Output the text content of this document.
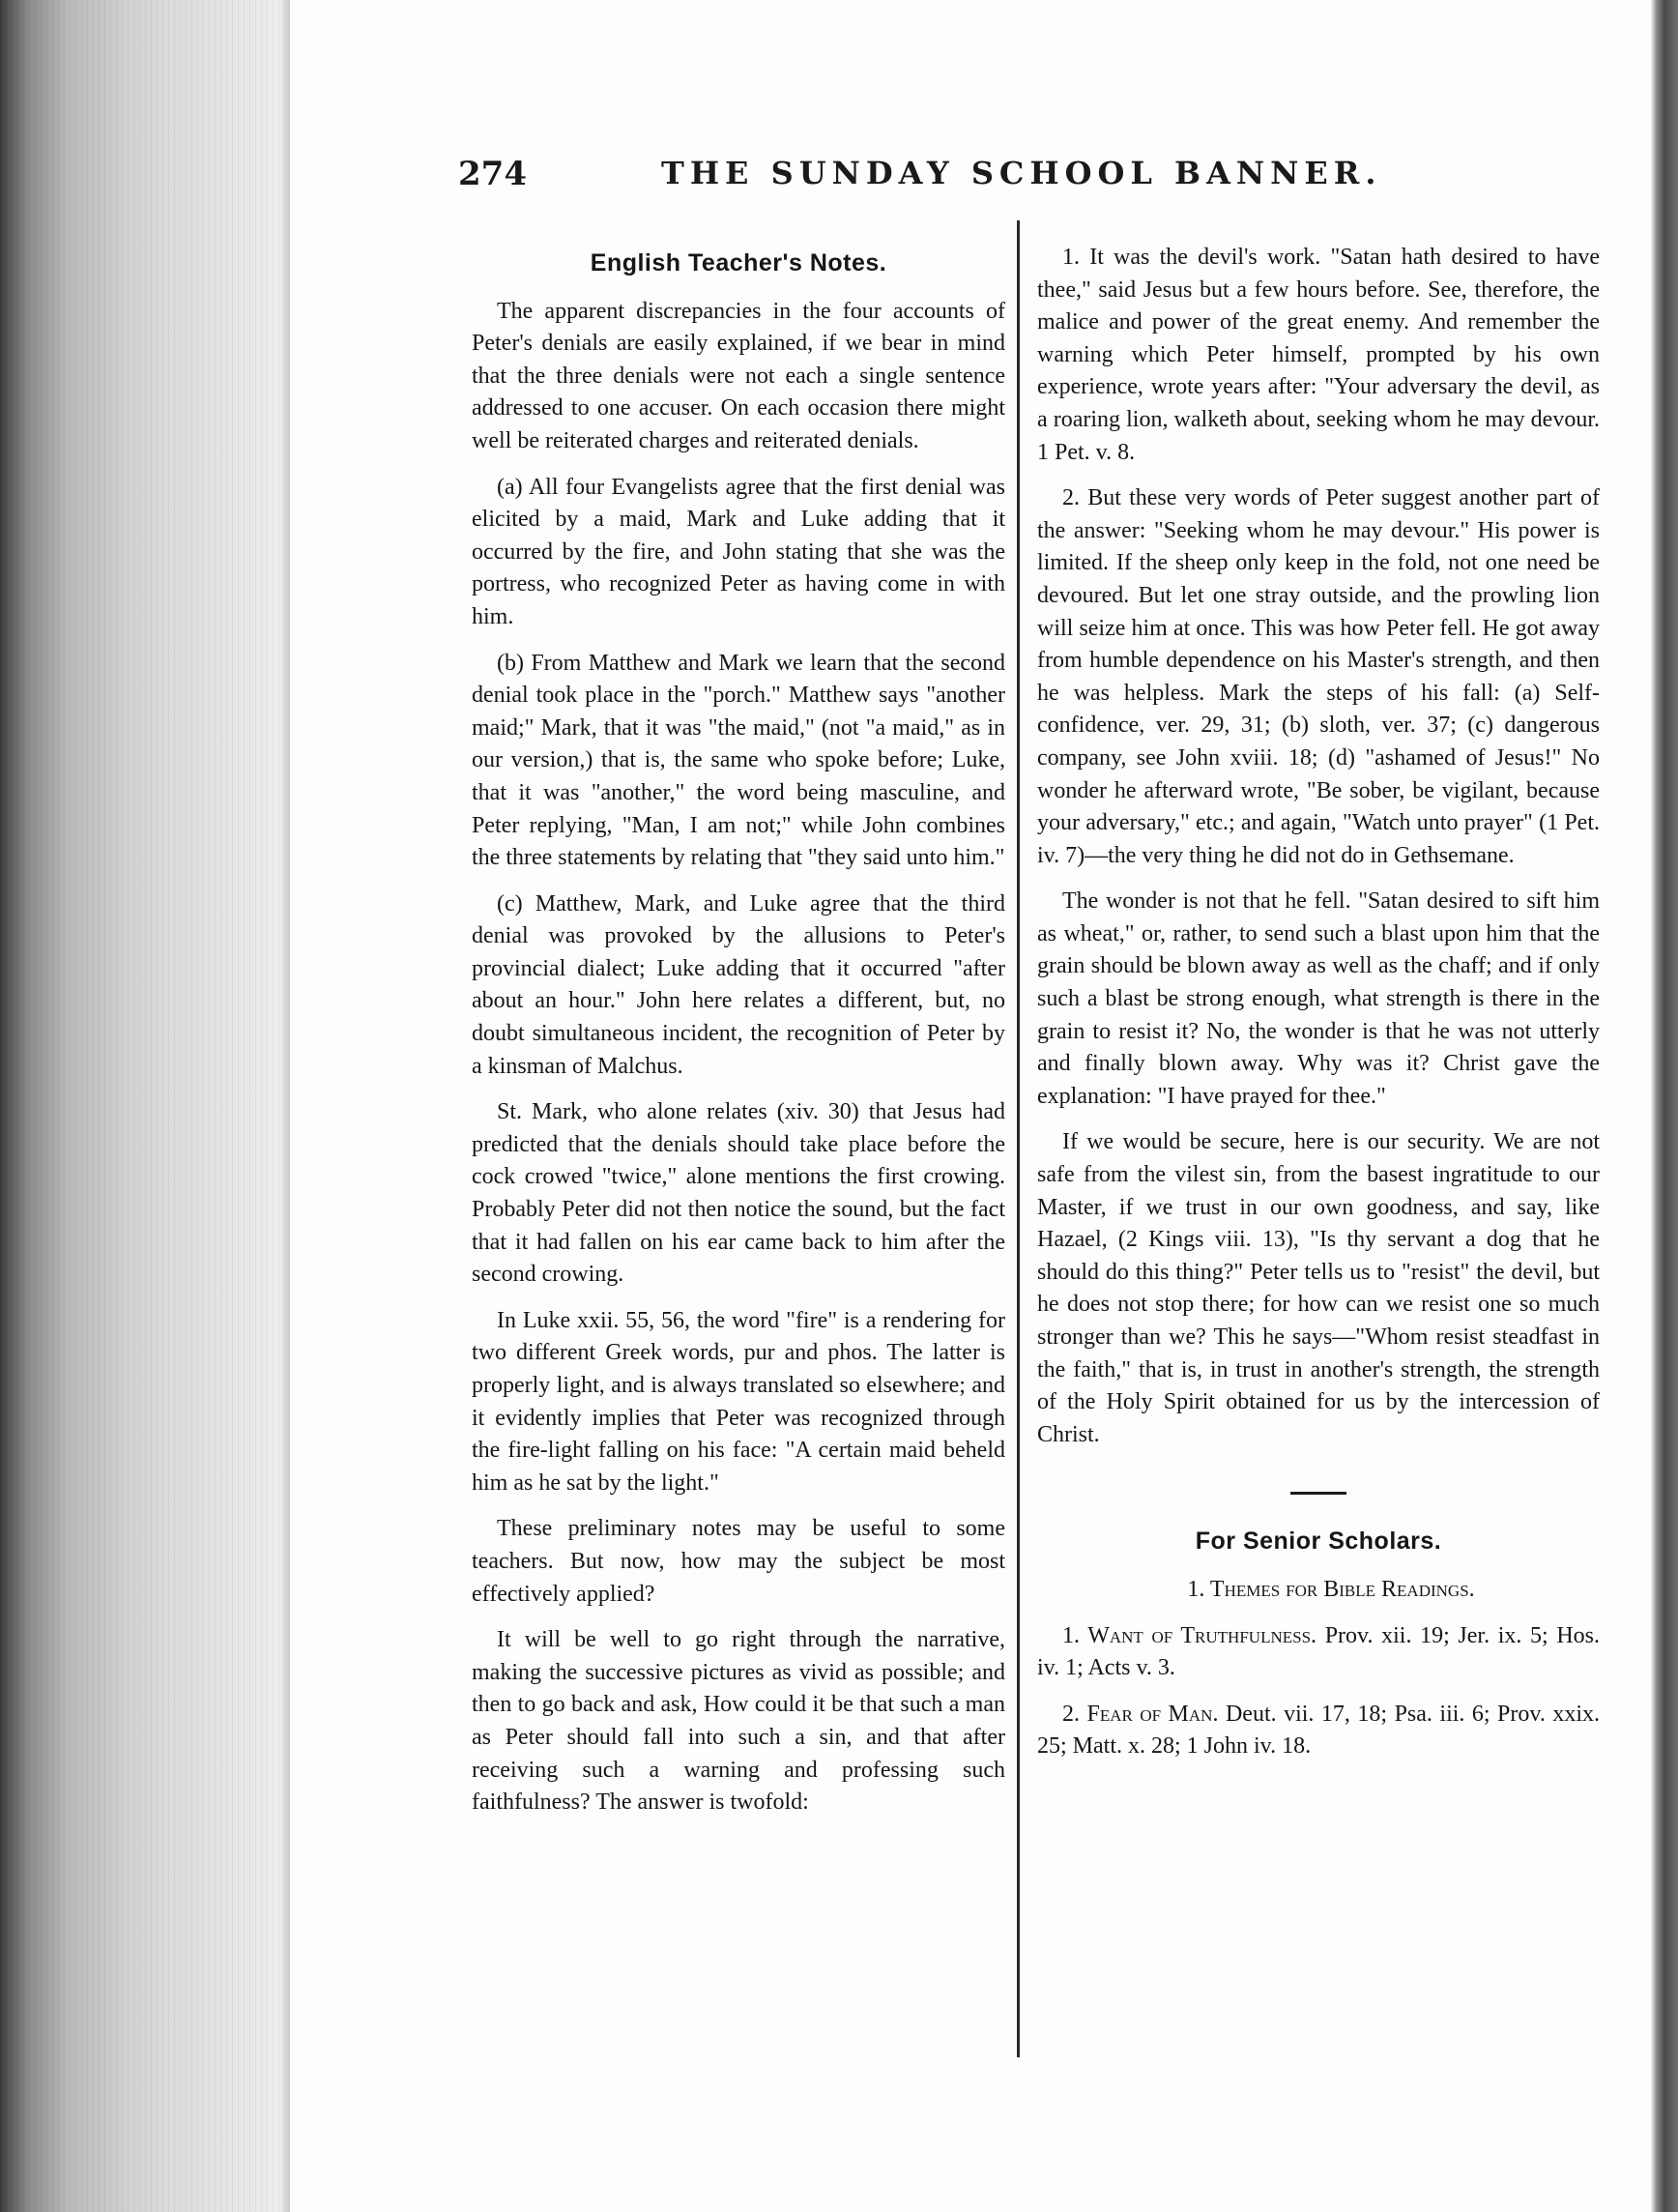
274	THE SUNDAY SCHOOL BANNER.
English Teacher's Notes.

The apparent discrepancies in the four accounts of Peter's denials are easily explained, if we bear in mind that the three denials were not each a single sentence addressed to one accuser. On each occasion there might well be reiterated charges and reiterated denials.

(a) All four Evangelists agree that the first denial was elicited by a maid, Mark and Luke adding that it occurred by the fire, and John stating that she was the portress, who recognized Peter as having come in with him.

(b) From Matthew and Mark we learn that the second denial took place in the "porch." Matthew says "another maid;" Mark, that it was "the maid," (not "a maid," as in our version,) that is, the same who spoke before; Luke, that it was "another," the word being masculine, and Peter replying, "Man, I am not;" while John combines the three statements by relating that "they said unto him."

(c) Matthew, Mark, and Luke agree that the third denial was provoked by the allusions to Peter's provincial dialect; Luke adding that it occurred "after about an hour." John here relates a different, but, no doubt simultaneous incident, the recognition of Peter by a kinsman of Malchus.

St. Mark, who alone relates (xiv. 30) that Jesus had predicted that the denials should take place before the cock crowed "twice," alone mentions the first crowing. Probably Peter did not then notice the sound, but the fact that it had fallen on his ear came back to him after the second crowing.

In Luke xxii. 55, 56, the word "fire" is a rendering for two different Greek words, pur and phos. The latter is properly light, and is always translated so elsewhere; and it evidently implies that Peter was recognized through the fire-light falling on his face: "A certain maid beheld him as he sat by the light."

These preliminary notes may be useful to some teachers. But now, how may the subject be most effectively applied?

It will be well to go right through the narrative, making the successive pictures as vivid as possible; and then to go back and ask, How could it be that such a man as Peter should fall into such a sin, and that after receiving such a warning and professing such faithfulness? The answer is twofold:

1. It was the devil's work. "Satan hath desired to have thee," said Jesus but a few hours before. See, therefore, the malice and power of the great enemy. And remember the warning which Peter himself, prompted by his own experience, wrote years after: "Your adversary the devil, as a roaring lion, walketh about, seeking whom he may devour. 1 Pet. v. 8.

2. But these very words of Peter suggest another part of the answer: "Seeking whom he may devour." His power is limited. If the sheep only keep in the fold, not one need be devoured. But let one stray outside, and the prowling lion will seize him at once. This was how Peter fell. He got away from humble dependence on his Master's strength, and then he was helpless. Mark the steps of his fall: (a) Self-confidence, ver. 29, 31; (b) sloth, ver. 37; (c) dangerous company, see John xviii. 18; (d) "ashamed of Jesus!" No wonder he afterward wrote, "Be sober, be vigilant, because your adversary," etc.; and again, "Watch unto prayer" (1 Pet. iv. 7)—the very thing he did not do in Gethsemane.

The wonder is not that he fell. "Satan desired to sift him as wheat," or, rather, to send such a blast upon him that the grain should be blown away as well as the chaff; and if only such a blast be strong enough, what strength is there in the grain to resist it? No, the wonder is that he was not utterly and finally blown away. Why was it? Christ gave the explanation: "I have prayed for thee."

If we would be secure, here is our security. We are not safe from the vilest sin, from the basest ingratitude to our Master, if we trust in our own goodness, and say, like Hazael, (2 Kings viii. 13), "Is thy servant a dog that he should do this thing?" Peter tells us to "resist" the devil, but he does not stop there; for how can we resist one so much stronger than we? This he says—"Whom resist steadfast in the faith," that is, in trust in another's strength, the strength of the Holy Spirit obtained for us by the intercession of Christ.

For Senior Scholars.

1. Themes for Bible Readings.

1. Want of Truthfulness. Prov. xii. 19; Jer. ix. 5; Hos. iv. 1; Acts v. 3.

2. Fear of Man. Deut. vii. 17, 18; Psa. iii. 6; Prov. xxix. 25; Matt. x. 28; 1 John iv. 18.
